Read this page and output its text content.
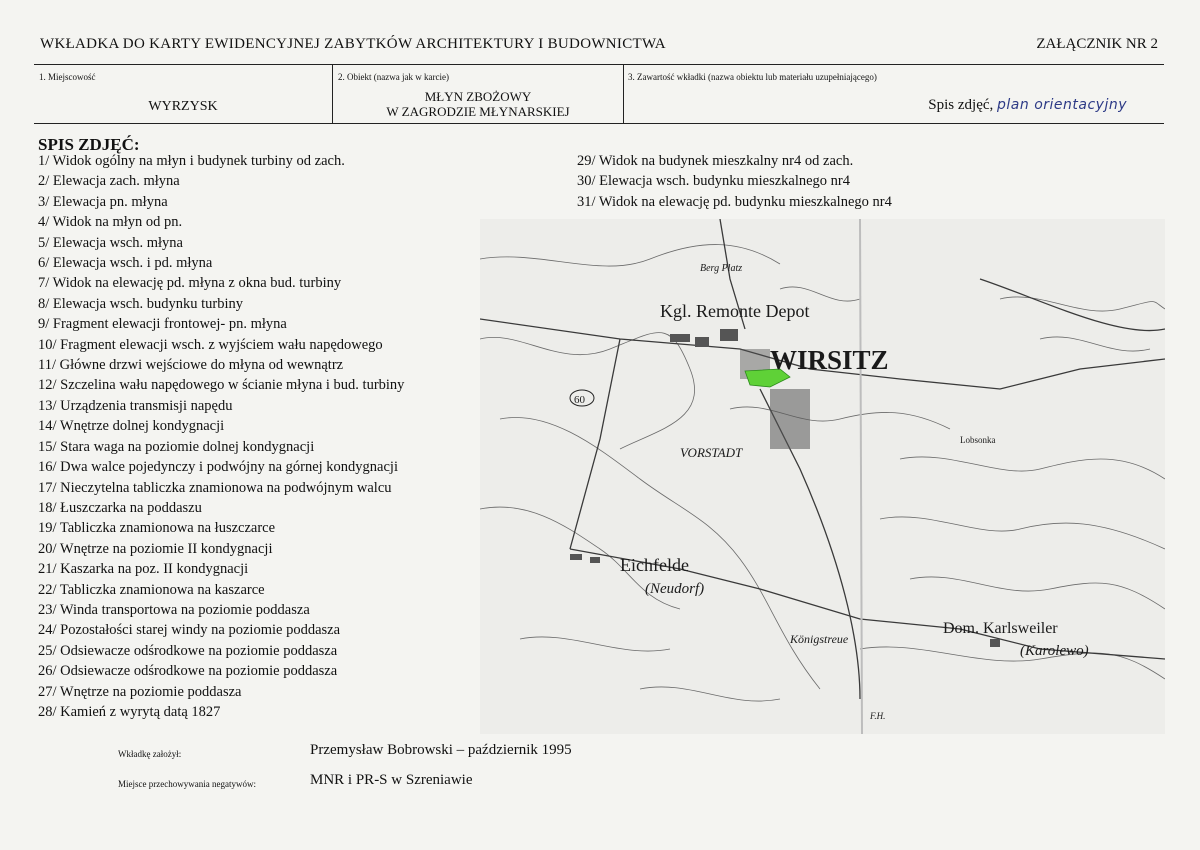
WKŁADKA DO KARTY EWIDENCYJNEJ ZABYTKÓW ARCHITEKTURY I BUDOWNICTWA	ZAŁĄCZNIK NR 2
1. Miejscowość
WYRZYSK
2. Obiekt (nazwa jak w karcie)
MŁYN ZBOŻOWY
W ZAGRODZIE MŁYNARSKIEJ
3. Zawartość wkładki (nazwa obiektu lub materiału uzupełniającego)
Spis zdjęć, plan orientacyjny
SPIS ZDJĘĆ:
1/ Widok ogólny na młyn i budynek turbiny od zach.
2/ Elewacja zach. młyna
3/ Elewacja pn. młyna
4/ Widok na młyn od pn.
5/ Elewacja wsch. młyna
6/ Elewacja wsch. i pd. młyna
7/ Widok na elewację pd. młyna z okna bud. turbiny
8/ Elewacja wsch. budynku turbiny
9/ Fragment elewacji frontowej- pn. młyna
10/ Fragment elewacji wsch. z wyjściem wału napędowego
11/ Główne drzwi wejściowe do młyna od wewnątrz
12/ Szczelina wału napędowego w ścianie młyna i bud. turbiny
13/ Urządzenia transmisji napędu
14/ Wnętrze dolnej kondygnacji
15/ Stara waga na poziomie dolnej kondygnacji
16/ Dwa walce pojedynczy i podwójny na górnej kondygnacji
17/ Nieczytelna tabliczka znamionowa na podwójnym walcu
18/ Łuszczarka na poddaszu
19/ Tabliczka znamionowa na łuszczarce
20/ Wnętrze na poziomie II kondygnacji
21/ Kaszarka na poz. II kondygnacji
22/ Tabliczka znamionowa na kaszarce
23/ Winda transportowa na poziomie poddasza
24/ Pozostałości starej windy na poziomie poddasza
25/ Odsiewacze odśrodkowe na poziomie poddasza
26/ Odsiewacze odśrodkowe na poziomie poddasza
27/ Wnętrze na poziomie poddasza
28/ Kamień z wyrytą datą 1827
29/ Widok na budynek mieszkalny nr4 od zach.
30/ Elewacja wsch. budynku mieszkalnego nr4
31/ Widok na elewację pd. budynku mieszkalnego nr4
Kgl. Remonte Depot
WIRSITZ
VORSTADT
Eichfelde
(Neudorf)
Königstreue
Dom. Karlsweiler
(Karolewo)
Lobsonka
Berg Platz
F.H.
60
Wkładkę założył:	Przemysław Bobrowski – październik 1995
Miejsce przechowywania negatywów:	MNR i PR-S w Szreniawie
